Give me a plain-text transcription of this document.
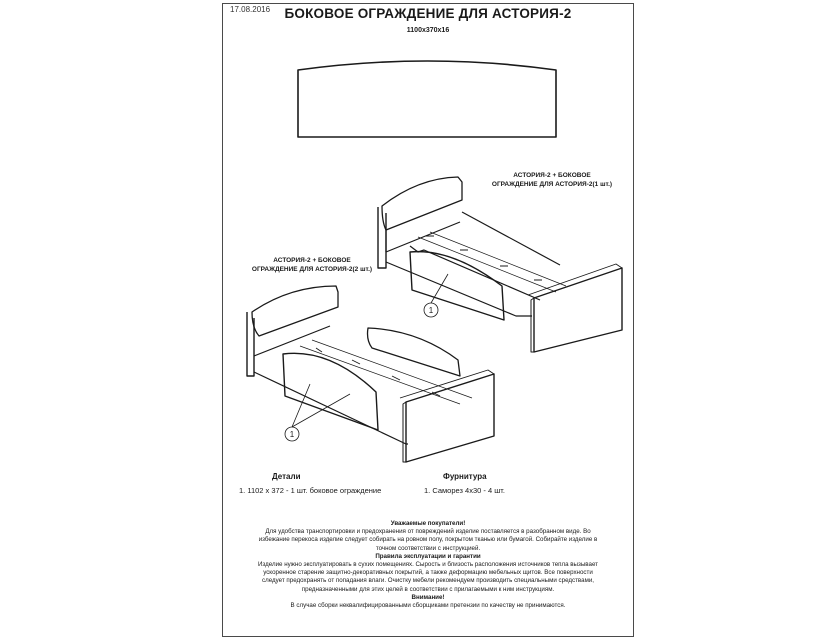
17.08.2016	БОКОВОЕ ОГРАЖДЕНИЕ ДЛЯ АСТОРИЯ-2
1100x370x16
1
1
АСТОРИЯ-2 + БОКОВОЕ
ОГРАЖДЕНИЕ ДЛЯ АСТОРИЯ-2(1 шт.)
АСТОРИЯ-2 + БОКОВОЕ
ОГРАЖДЕНИЕ ДЛЯ АСТОРИЯ-2(2 шт.)
Детали
1. 1102 х 372 - 1 шт. боковое ограждение
Фурнитура
1. Саморез 4х30 - 4 шт.
Уважаемые покупатели!
Для удобства транспортировки и предохранения от повреждений изделие поставляется в разобранном виде. Во
избежание перекоса изделие следует собирать на ровном полу, покрытом тканью или бумагой. Собирайте изделие в
точном соответствии с инструкцией.
Правила эксплуатации и гарантии
Изделие нужно эксплуатировать в сухих помещениях. Сырость и близость расположения источников тепла вызывает
ускоренное старение защитно-декоративных покрытий, а также деформацию мебельных щитов. Все поверхности
следует предохранять от попадания влаги. Очистку мебели рекомендуем производить специальными средствами,
предназначенными для этих целей в соответствии с прилагаемыми к ним инструкциям.
Внимание!
В случае сборки неквалифицированными сборщиками претензии по качеству не принимаются.
